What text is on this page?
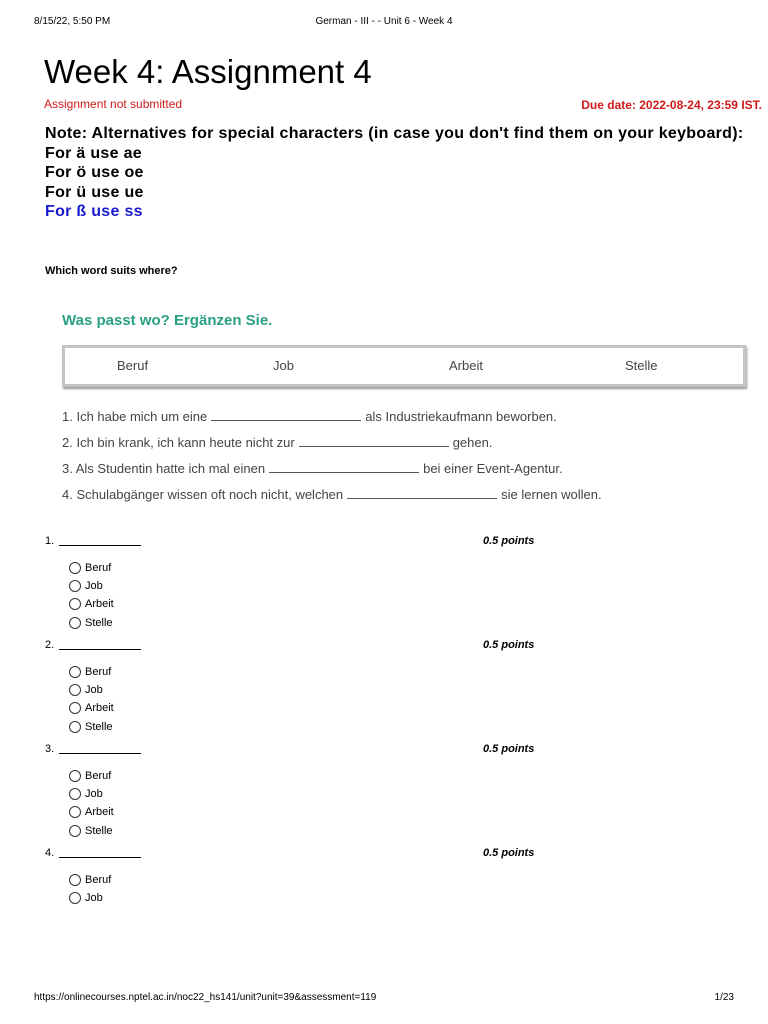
8/15/22, 5:50 PM	German - III - - Unit 6 - Week 4
Week 4: Assignment 4
Assignment not submitted	Due date: 2022-08-24, 23:59 IST.
Note: Alternatives for special characters (in case you don't find them on your keyboard):
For ä use ae
For ö use oe
For ü use ue
For ß use ss
Which word suits where?
Was passt wo? Ergänzen Sie.
Beruf	Job	Arbeit	Stelle
1. Ich habe mich um eine	als Industriekaufmann beworben.
2. Ich bin krank, ich kann heute nicht zur	gehen.
3. Als Studentin hatte ich mal einen	bei einer Event-Agentur.
4. Schulabgänger wissen oft noch nicht, welchen	sie lernen wollen.
1.	0.5 points
Beruf
Job
Arbeit
Stelle
2.	0.5 points
Beruf
Job
Arbeit
Stelle
3.	0.5 points
Beruf
Job
Arbeit
Stelle
4.	0.5 points
Beruf
Job
https://onlinecourses.nptel.ac.in/noc22_hs141/unit?unit=39&assessment=119	1/23
